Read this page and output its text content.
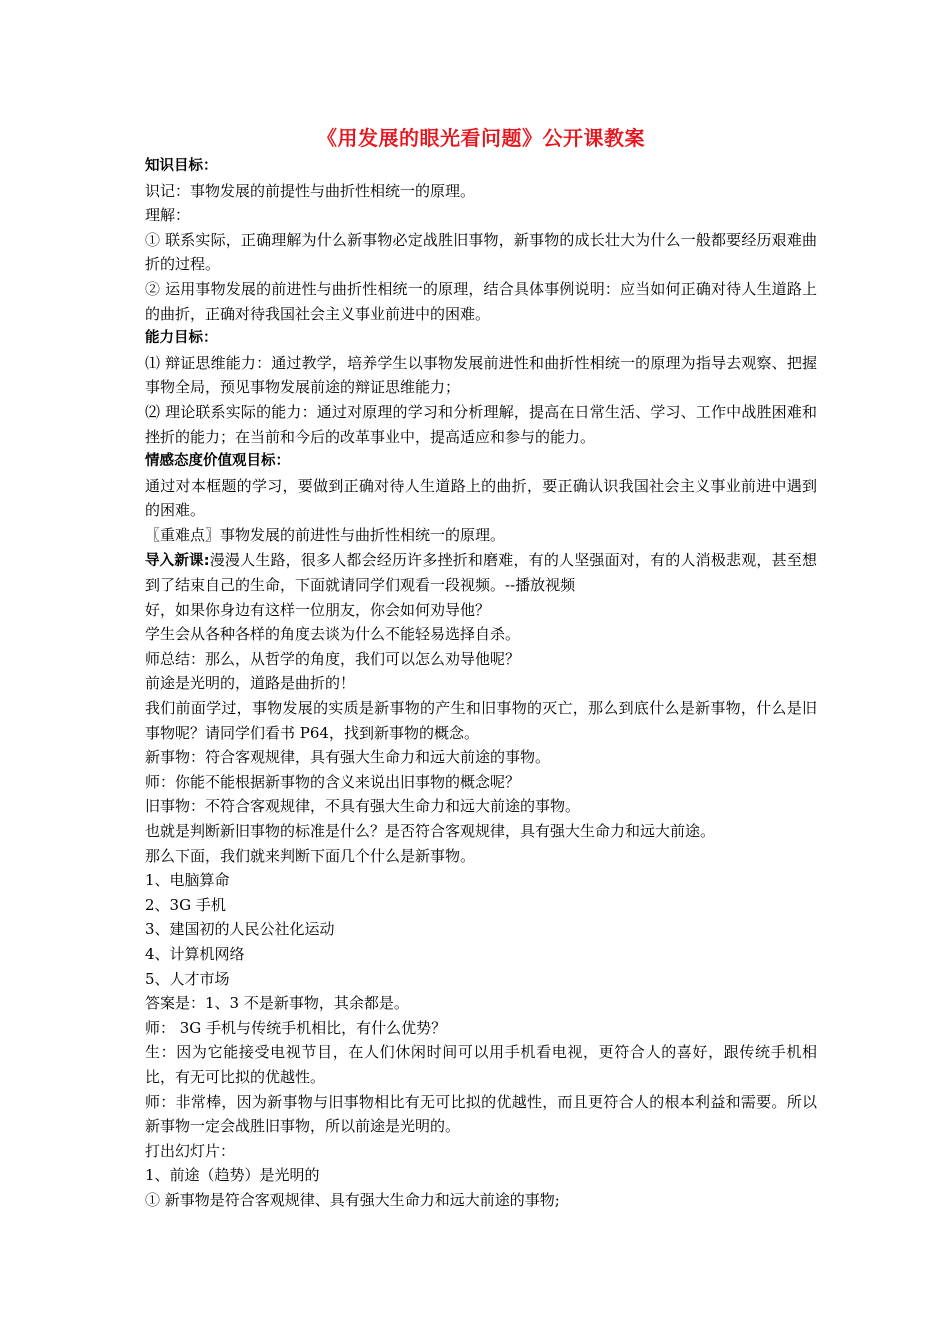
《用发展的眼光看问题》公开课教案
知识目标：
识记：事物发展的前提性与曲折性相统一的原理。
理解：
① 联系实际，正确理解为什么新事物必定战胜旧事物，新事物的成长壮大为什么一般都要经历艰难曲折的过程。
② 运用事物发展的前进性与曲折性相统一的原理，结合具体事例说明：应当如何正确对待人生道路上的曲折，正确对待我国社会主义事业前进中的困难。
能力目标：
⑴ 辩证思维能力：通过教学，培养学生以事物发展前进性和曲折性相统一的原理为指导去观察、把握事物全局，预见事物发展前途的辩证思维能力；
⑵ 理论联系实际的能力：通过对原理的学习和分析理解，提高在日常生活、学习、工作中战胜困难和挫折的能力；在当前和今后的改革事业中，提高适应和参与的能力。
情感态度价值观目标：
通过对本框题的学习，要做到正确对待人生道路上的曲折，要正确认识我国社会主义事业前进中遇到的困难。
〖重难点〗事物发展的前进性与曲折性相统一的原理。
导入新课:漫漫人生路，很多人都会经历许多挫折和磨难，有的人坚强面对，有的人消极悲观，甚至想到了结束自己的生命，下面就请同学们观看一段视频。--播放视频
好，如果你身边有这样一位朋友，你会如何劝导他？
学生会从各种各样的角度去谈为什么不能轻易选择自杀。
师总结：那么，从哲学的角度，我们可以怎么劝导他呢？
前途是光明的，道路是曲折的！
我们前面学过，事物发展的实质是新事物的产生和旧事物的灭亡，那么到底什么是新事物，什么是旧事物呢？请同学们看书 P64，找到新事物的概念。
新事物：符合客观规律，具有强大生命力和远大前途的事物。
师：你能不能根据新事物的含义来说出旧事物的概念呢？
旧事物：不符合客观规律，不具有强大生命力和远大前途的事物。
也就是判断新旧事物的标准是什么？是否符合客观规律，具有强大生命力和远大前途。
那么下面，我们就来判断下面几个什么是新事物。
1、电脑算命
2、3G 手机
3、建国初的人民公社化运动
4、计算机网络
5、人才市场
答案是：1、3 不是新事物，其余都是。
师： 3G 手机与传统手机相比，有什么优势？
生：因为它能接受电视节目，在人们休闲时间可以用手机看电视，更符合人的喜好，跟传统手机相比，有无可比拟的优越性。
师：非常棒，因为新事物与旧事物相比有无可比拟的优越性，而且更符合人的根本利益和需要。所以新事物一定会战胜旧事物，所以前途是光明的。
打出幻灯片：
1、前途（趋势）是光明的
① 新事物是符合客观规律、具有强大生命力和远大前途的事物;
